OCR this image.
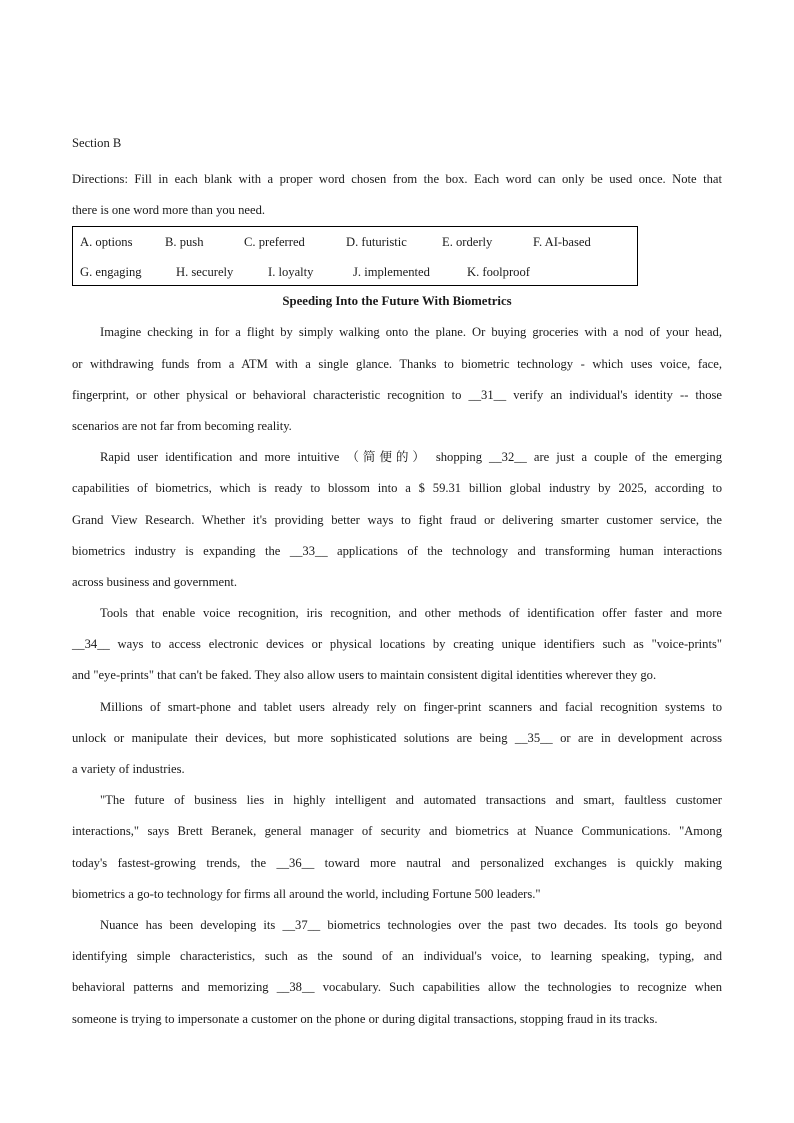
Section B
Directions: Fill in each blank with a proper word chosen from the box. Each word can only be used once. Note that
there is one word more than you need.
A. options	B. push	C. preferred	D. futuristic	E. orderly	F. AI-based
G. engaging	H. securely	I. loyalty	J. implemented	K. foolproof
Speeding Into the Future With Biometrics
Imagine checking in for a flight by simply walking onto the plane. Or buying groceries with a nod of your head,
or withdrawing funds from a ATM with a single glance. Thanks to biometric technology - which uses voice, face,
fingerprint, or other physical or behavioral characteristic recognition to __31__ verify an individual's identity -- those
scenarios are not far from becoming reality.
Rapid user identification and more intuitive （简便的） shopping __32__ are just a couple of the emerging
capabilities of biometrics, which is ready to blossom into a $ 59.31 billion global industry by 2025, according to
Grand View Research. Whether it's providing better ways to fight fraud or delivering smarter customer service, the
biometrics industry is expanding the __33__ applications of the technology and transforming human interactions
across business and government.
Tools that enable voice recognition, iris recognition, and other methods of identification offer faster and more
__34__ ways to access electronic devices or physical locations by creating unique identifiers such as "voice-prints"
and "eye-prints" that can't be faked. They also allow users to maintain consistent digital identities wherever they go.
Millions of smart-phone and tablet users already rely on finger-print scanners and facial recognition systems to
unlock or manipulate their devices, but more sophisticated solutions are being __35__ or are in development across
a variety of industries.
"The future of business lies in highly intelligent and automated transactions and smart, faultless customer
interactions," says Brett Beranek, general manager of security and biometrics at Nuance Communications. "Among
today's fastest-growing trends, the __36__ toward more nautral and personalized exchanges is quickly making
biometrics a go-to technology for firms all around the world, including Fortune 500 leaders."
Nuance has been developing its __37__ biometrics technologies over the past two decades. Its tools go beyond
identifying simple characteristics, such as the sound of an individual's voice, to learning speaking, typing, and
behavioral patterns and memorizing __38__ vocabulary. Such capabilities allow the technologies to recognize when
someone is trying to impersonate a customer on the phone or during digital transactions, stopping fraud in its tracks.
